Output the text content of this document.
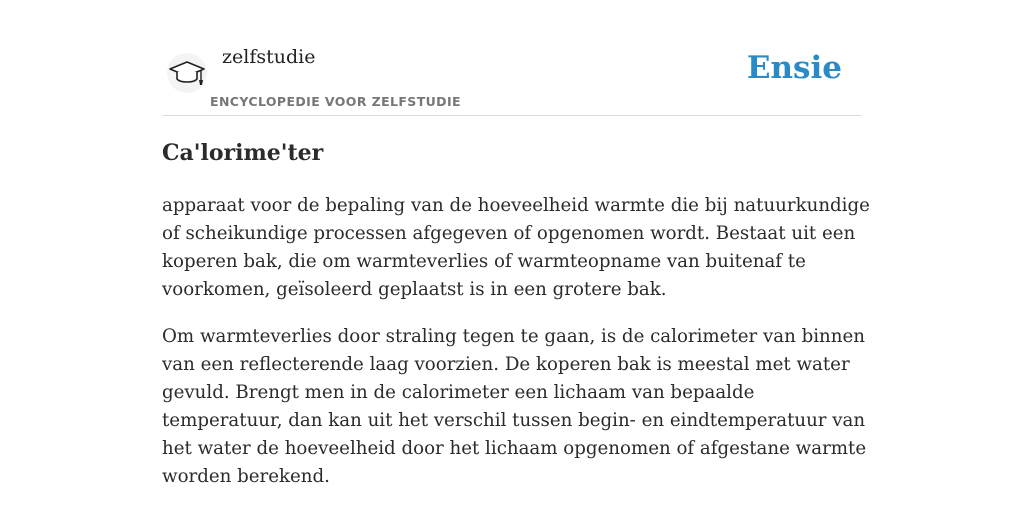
zelfstudie
ENCYCLOPEDIE VOOR ZELFSTUDIE
Ensie
Ca'lorime'ter

apparaat voor de bepaling van de hoeveelheid warmte die bij natuurkundige of scheikundige processen afgegeven of opgenomen wordt. Bestaat uit een koperen bak, die om warmteverlies of warmteopname van buitenaf te voorkomen, geïsoleerd geplaatst is in een grotere bak.

Om warmteverlies door straling tegen te gaan, is de calorimeter van binnen van een reflecterende laag voorzien. De koperen bak is meestal met water gevuld. Brengt men in de calorimeter een lichaam van bepaalde temperatuur, dan kan uit het verschil tussen begin- en eindtemperatuur van het water de hoeveelheid door het lichaam opgenomen of afgestane warmte worden berekend.
